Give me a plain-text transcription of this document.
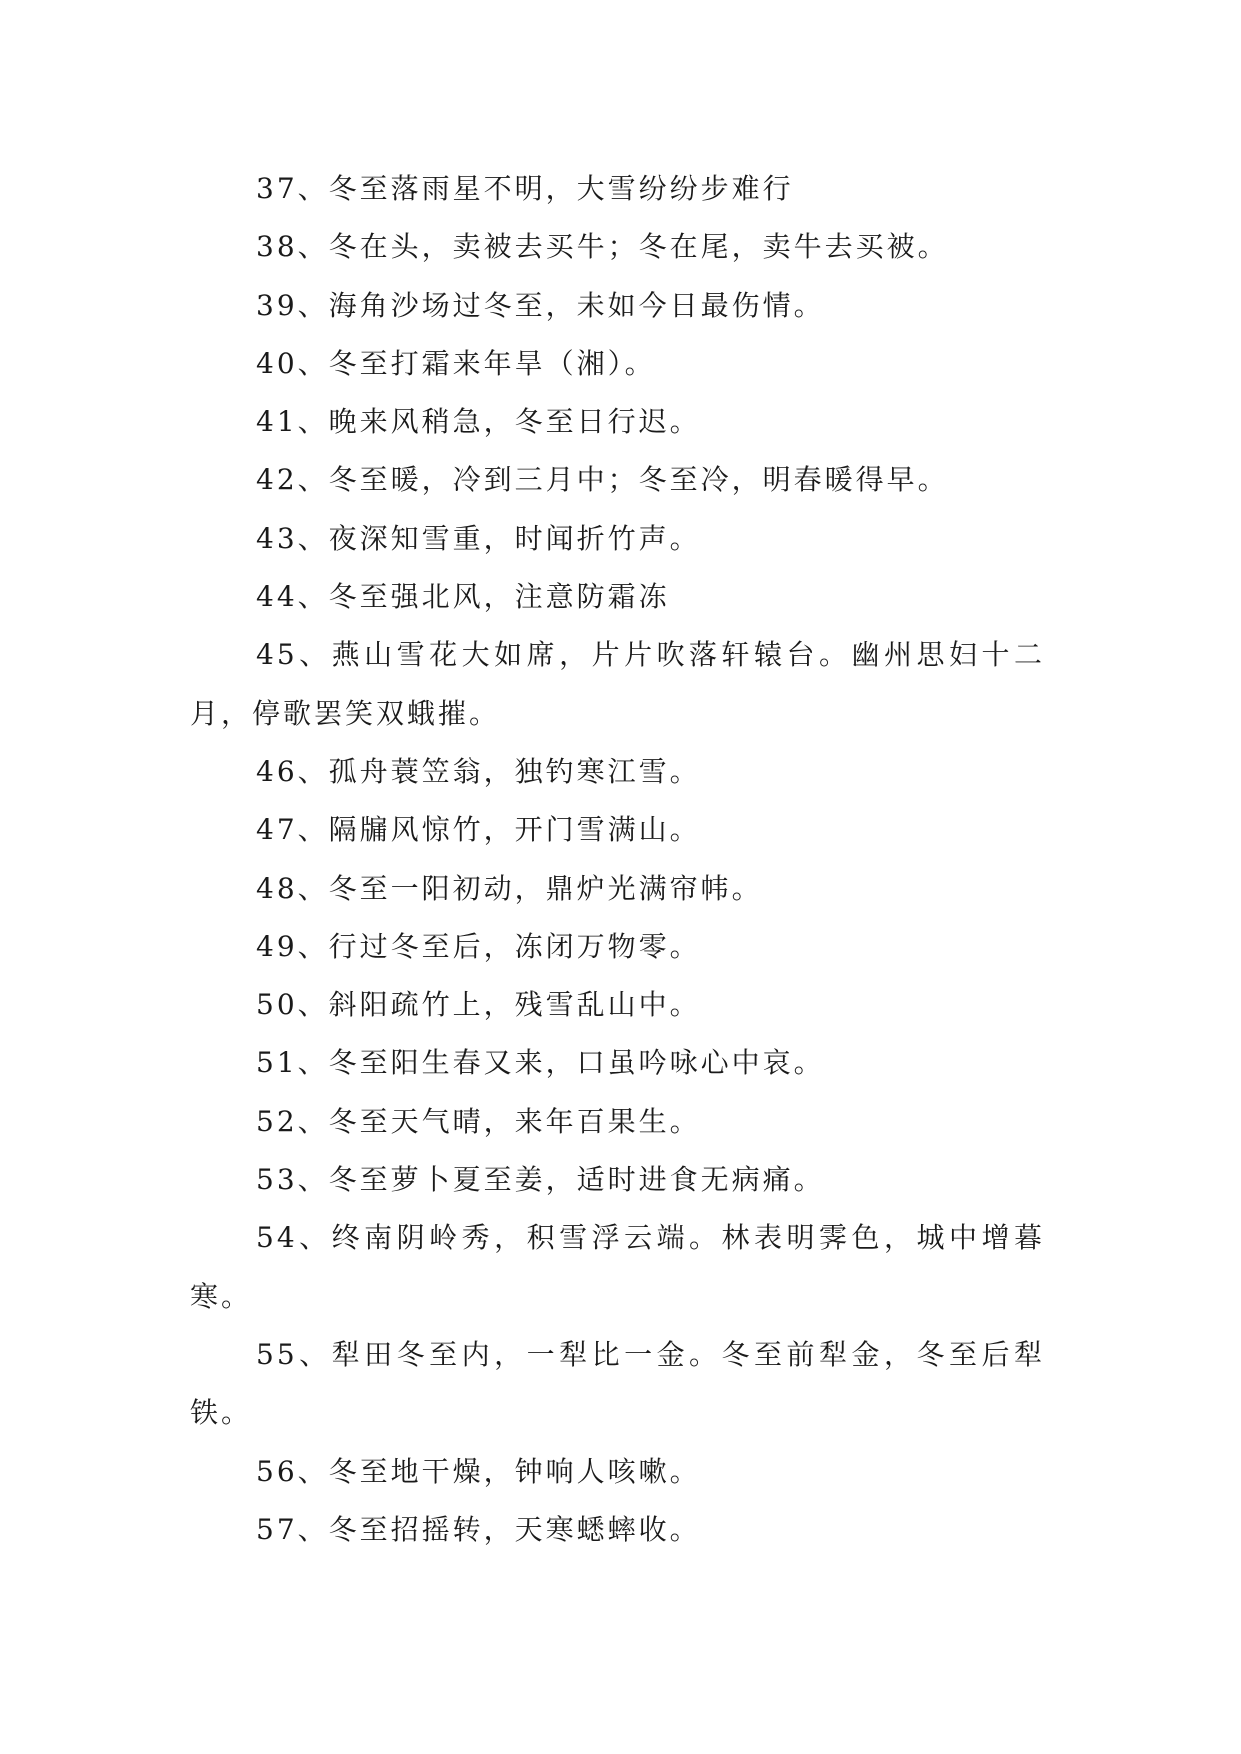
37、冬至落雨星不明，大雪纷纷步难行

38、冬在头，卖被去买牛；冬在尾，卖牛去买被。

39、海角沙场过冬至，未如今日最伤情。

40、冬至打霜来年旱（湘）。

41、晚来风稍急，冬至日行迟。

42、冬至暖，冷到三月中；冬至冷，明春暖得早。

43、夜深知雪重，时闻折竹声。

44、冬至强北风，注意防霜冻

45、燕山雪花大如席，片片吹落轩辕台。幽州思妇十二月，停歌罢笑双蛾摧。

46、孤舟蓑笠翁，独钓寒江雪。

47、隔牖风惊竹，开门雪满山。

48、冬至一阳初动，鼎炉光满帘帏。

49、行过冬至后，冻闭万物零。

50、斜阳疏竹上，残雪乱山中。

51、冬至阳生春又来，口虽吟咏心中哀。

52、冬至天气晴，来年百果生。

53、冬至萝卜夏至姜，适时进食无病痛。

54、终南阴岭秀，积雪浮云端。林表明霁色，城中增暮寒。

55、犁田冬至内，一犁比一金。冬至前犁金，冬至后犁铁。

56、冬至地干燥，钟响人咳嗽。

57、冬至招摇转，天寒蟋蟀收。
